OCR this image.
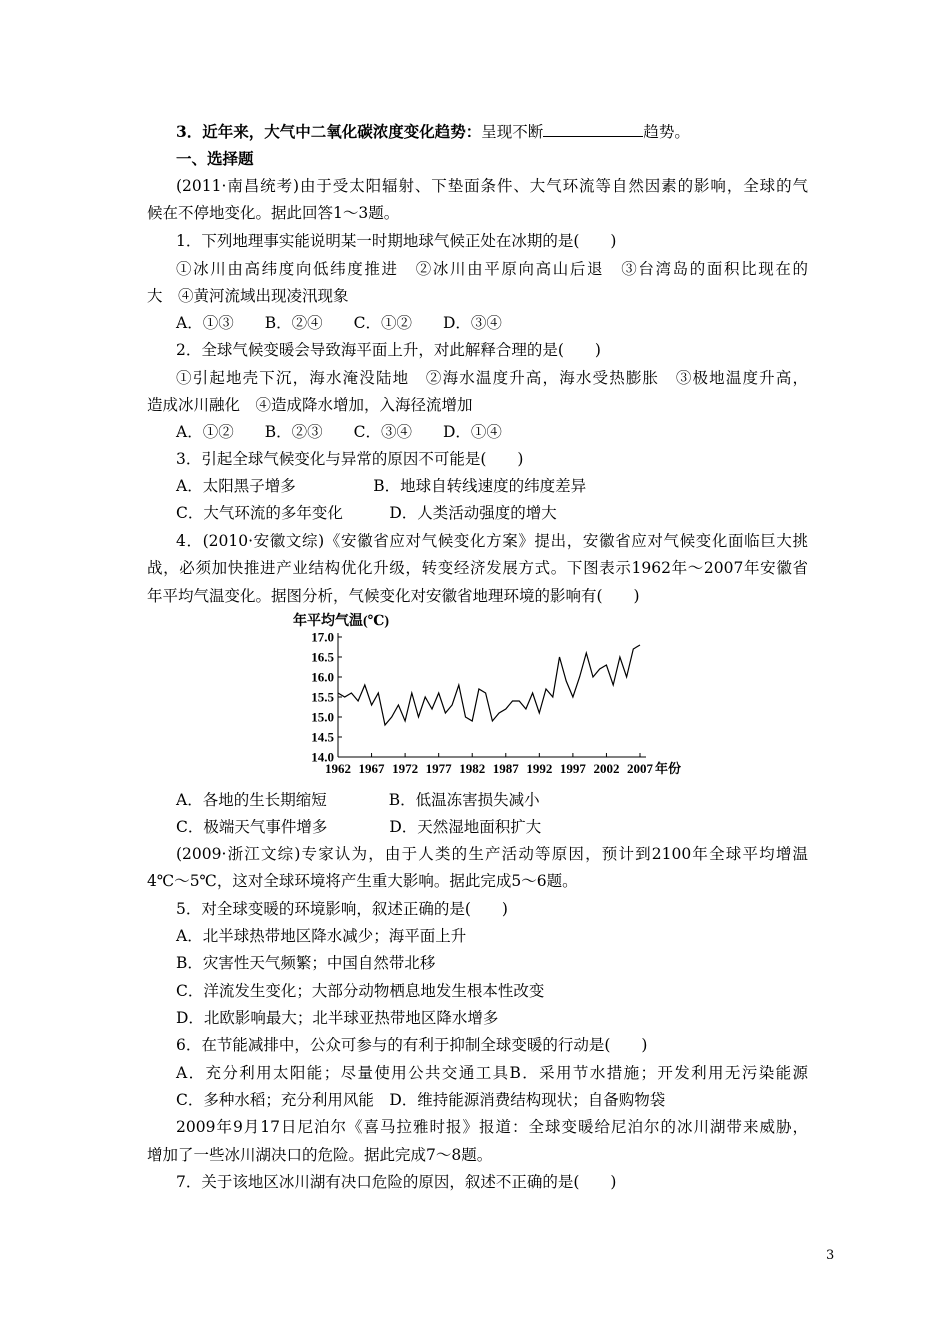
3．近年来，大气中二氧化碳浓度变化趋势：呈现不断	趋势。
一、选择题
(2011·南昌统考)由于受太阳辐射、下垫面条件、大气环流等自然因素的影响，全球的气
候在不停地变化。据此回答1～3题。
1．下列地理事实能说明某一时期地球气候正处在冰期的是(　　)
①冰川由高纬度向低纬度推进　②冰川由平原向高山后退　③台湾岛的面积比现在的
大　④黄河流域出现凌汛现象
A．①③　　B．②④　　C．①②　　D．③④
2．全球气候变暖会导致海平面上升，对此解释合理的是(　　)
①引起地壳下沉，海水淹没陆地　②海水温度升高，海水受热膨胀　③极地温度升高，
造成冰川融化　④造成降水增加，入海径流增加
A．①②　　B．②③　　C．③④　　D．①④
3．引起全球气候变化与异常的原因不可能是(　　)
A．太阳黑子增多　　　　　B．地球自转线速度的纬度差异
C．大气环流的多年变化　　　D．人类活动强度的增大
4．(2010·安徽文综)《安徽省应对气候变化方案》提出，安徽省应对气候变化面临巨大挑
战，必须加快推进产业结构优化升级，转变经济发展方式。下图表示1962年～2007年安徽省
年平均气温变化。据图分析，气候变化对安徽省地理环境的影响有(　　)
年平均气温(℃)
17.0
16.5
16.0
15.5
15.0
14.5
14.0
1962 1967 1972 1977 1982 1987 1992 1997 2002 2007 年份
A．各地的生长期缩短　　　　B．低温冻害损失减小
C．极端天气事件增多　　　　D．天然湿地面积扩大
(2009·浙江文综)专家认为，由于人类的生产活动等原因，预计到2100年全球平均增温
4℃～5℃，这对全球环境将产生重大影响。据此完成5～6题。
5．对全球变暖的环境影响，叙述正确的是(　　)
A．北半球热带地区降水减少；海平面上升
B．灾害性天气频繁；中国自然带北移
C．洋流发生变化；大部分动物栖息地发生根本性改变
D．北欧影响最大；北半球亚热带地区降水增多
6．在节能减排中，公众可参与的有利于抑制全球变暖的行动是(　　)
A．充分利用太阳能；尽量使用公共交通工具B．采用节水措施；开发利用无污染能源
C．多种水稻；充分利用风能　D．维持能源消费结构现状；自备购物袋
2009年9月17日尼泊尔《喜马拉雅时报》报道：全球变暖给尼泊尔的冰川湖带来威胁，
增加了一些冰川湖决口的危险。据此完成7～8题。
7．关于该地区冰川湖有决口危险的原因，叙述不正确的是(　　)
3
